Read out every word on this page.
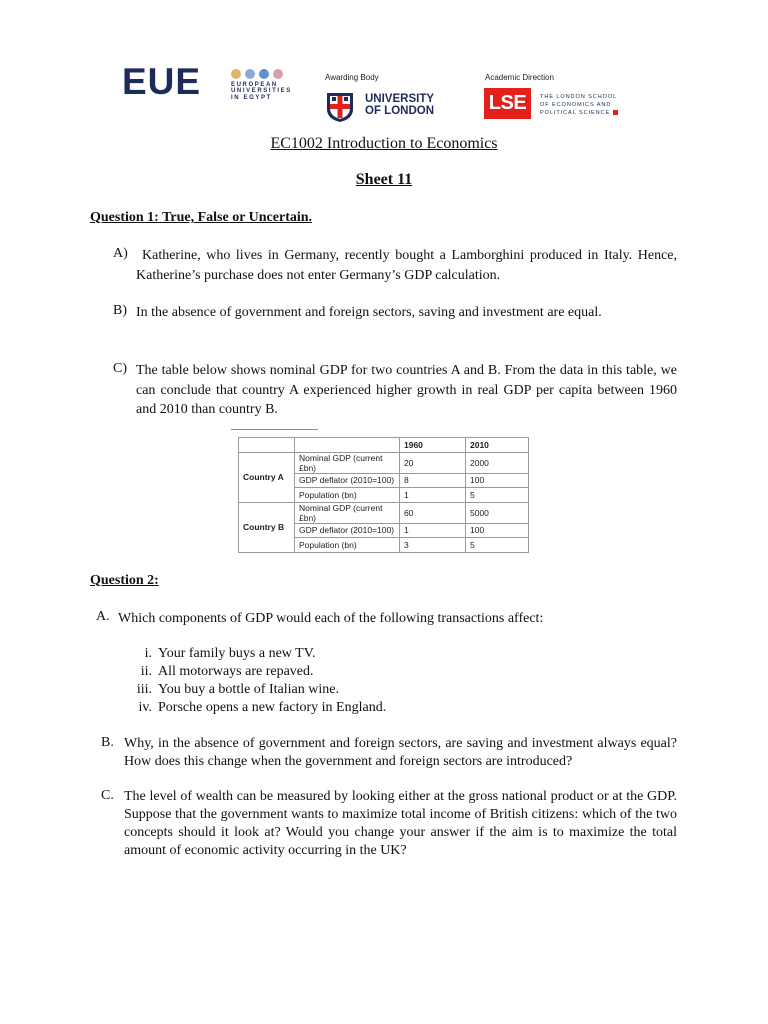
EUE	EUROPEAN
UNIVERSITIES
IN EGYPT
Awarding Body
UNIVERSITY
OF LONDON
Academic Direction
LSE	THE LONDON SCHOOL
OF ECONOMICS AND
POLITICAL SCIENCE
EC1002 Introduction to Economics
Sheet 11
Question 1: True, False or Uncertain.
A)	Katherine, who lives in Germany, recently bought a Lamborghini produced in Italy. Hence, Katherine’s purchase does not enter Germany’s GDP calculation.
B) In the absence of government and foreign sectors, saving and investment are equal.
C) The table below shows nominal GDP for two countries A and B. From the data in this table, we can conclude that country A experienced higher growth in real GDP per capita between 1960 and 2010 than country B.
		1960	2010
Country A	Nominal GDP (current £bn)	20	2000
	GDP deflator (2010=100)	8	100
	Population (bn)	1	5
Country B	Nominal GDP (current £bn)	60	5000
	GDP deflator (2010=100)	1	100
	Population (bn)	3	5
Question 2:
A. Which components of GDP would each of the following transactions affect:
i. Your family buys a new TV.
ii. All motorways are repaved.
iii. You buy a bottle of Italian wine.
iv. Porsche opens a new factory in England.
B. Why, in the absence of government and foreign sectors, are saving and investment always equal? How does this change when the government and foreign sectors are introduced?
C. The level of wealth can be measured by looking either at the gross national product or at the GDP. Suppose that the government wants to maximize total income of British citizens: which of the two concepts should it look at? Would you change your answer if the aim is to maximize the total amount of economic activity occurring in the UK?
